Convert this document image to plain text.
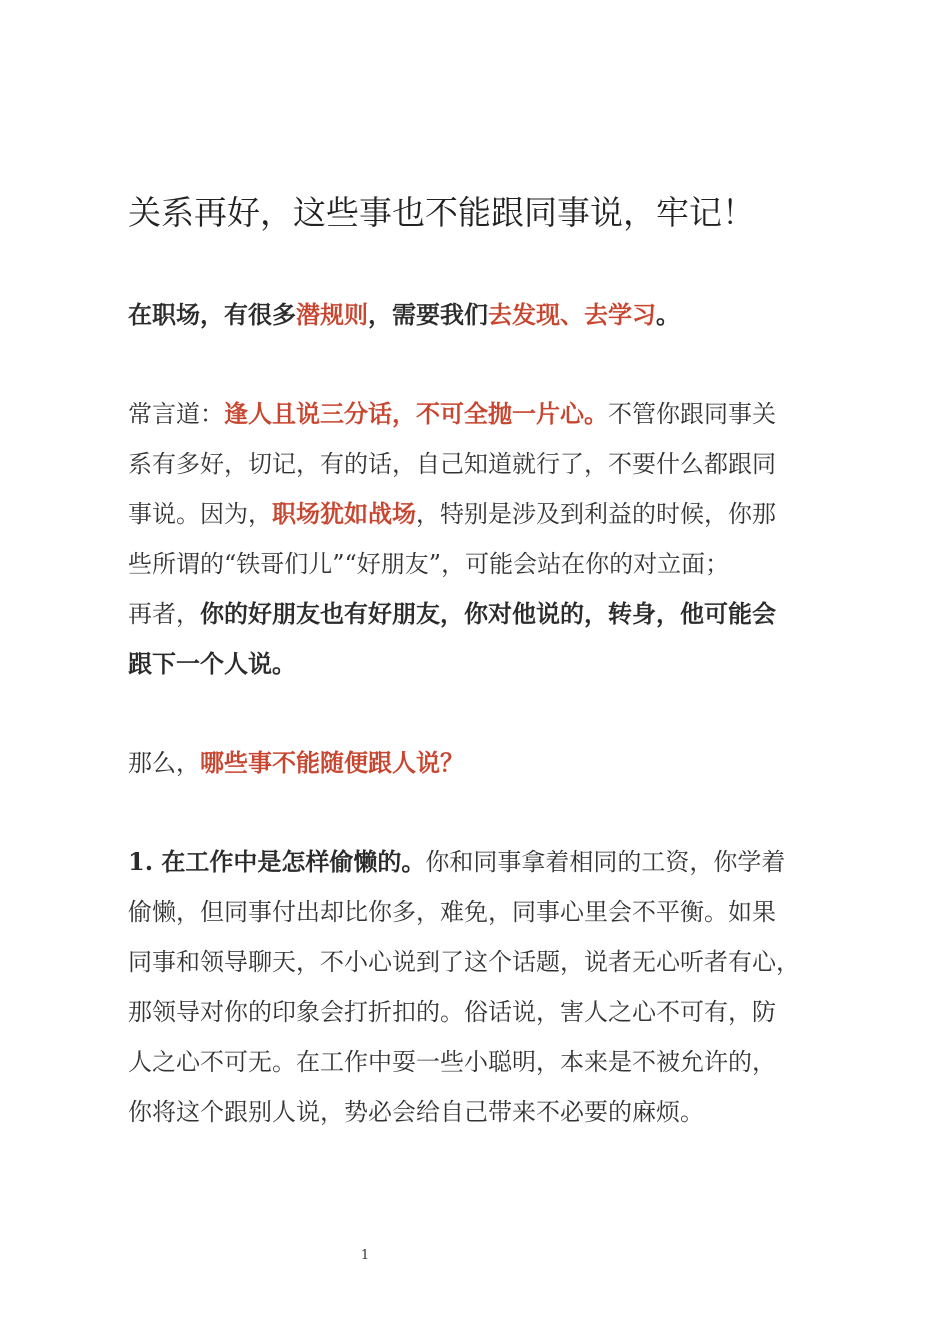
关系再好，这些事也不能跟同事说，牢记！
在职场，有很多潜规则，需要我们去发现、去学习。
常言道：逢人且说三分话，不可全抛一片心。不管你跟同事关
系有多好，切记，有的话，自己知道就行了，不要什么都跟同
事说。因为，职场犹如战场，特别是涉及到利益的时候，你那
些所谓的“铁哥们儿”“好朋友”，可能会站在你的对立面；
再者，你的好朋友也有好朋友，你对他说的，转身，他可能会
跟下一个人说。
那么，哪些事不能随便跟人说？
1. 在工作中是怎样偷懒的。你和同事拿着相同的工资，你学着
偷懒，但同事付出却比你多，难免，同事心里会不平衡。如果
同事和领导聊天，不小心说到了这个话题，说者无心听者有心，
那领导对你的印象会打折扣的。俗话说，害人之心不可有，防
人之心不可无。在工作中耍一些小聪明，本来是不被允许的，
你将这个跟别人说，势必会给自己带来不必要的麻烦。
1
